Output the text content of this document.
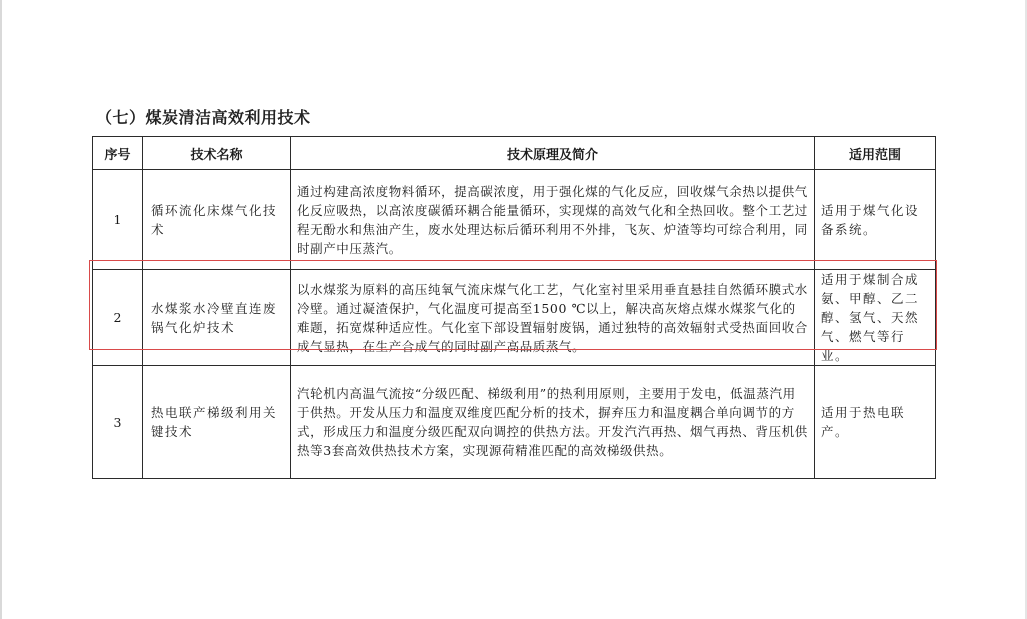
（七）煤炭清洁高效利用技术
序号	技术名称	技术原理及简介	适用范围
1	循环流化床煤气化技术	通过构建高浓度物料循环，提高碳浓度，用于强化煤的气化反应，回收煤气余热以提供气化反应吸热，以高浓度碳循环耦合能量循环，实现煤的高效气化和全热回收。整个工艺过程无酚水和焦油产生，废水处理达标后循环利用不外排，飞灰、炉渣等均可综合利用，同时副产中压蒸汽。	适用于煤气化设备系统。
2	水煤浆水冷壁直连废锅气化炉技术	以水煤浆为原料的高压纯氧气流床煤气化工艺，气化室衬里采用垂直悬挂自然循环膜式水冷壁。通过凝渣保护，气化温度可提高至1500 ℃以上，解决高灰熔点煤水煤浆气化的难题，拓宽煤种适应性。气化室下部设置辐射废锅，通过独特的高效辐射式受热面回收合成气显热，在生产合成气的同时副产高品质蒸气。	适用于煤制合成氨、甲醇、乙二醇、氢气、天然气、燃气等行业。
3	热电联产梯级利用关键技术	汽轮机内高温气流按“分级匹配、梯级利用”的热利用原则，主要用于发电，低温蒸汽用于供热。开发从压力和温度双维度匹配分析的技术，摒弃压力和温度耦合单向调节的方式，形成压力和温度分级匹配双向调控的供热方法。开发汽汽再热、烟气再热、背压机供热等3套高效供热技术方案，实现源荷精准匹配的高效梯级供热。	适用于热电联产。
